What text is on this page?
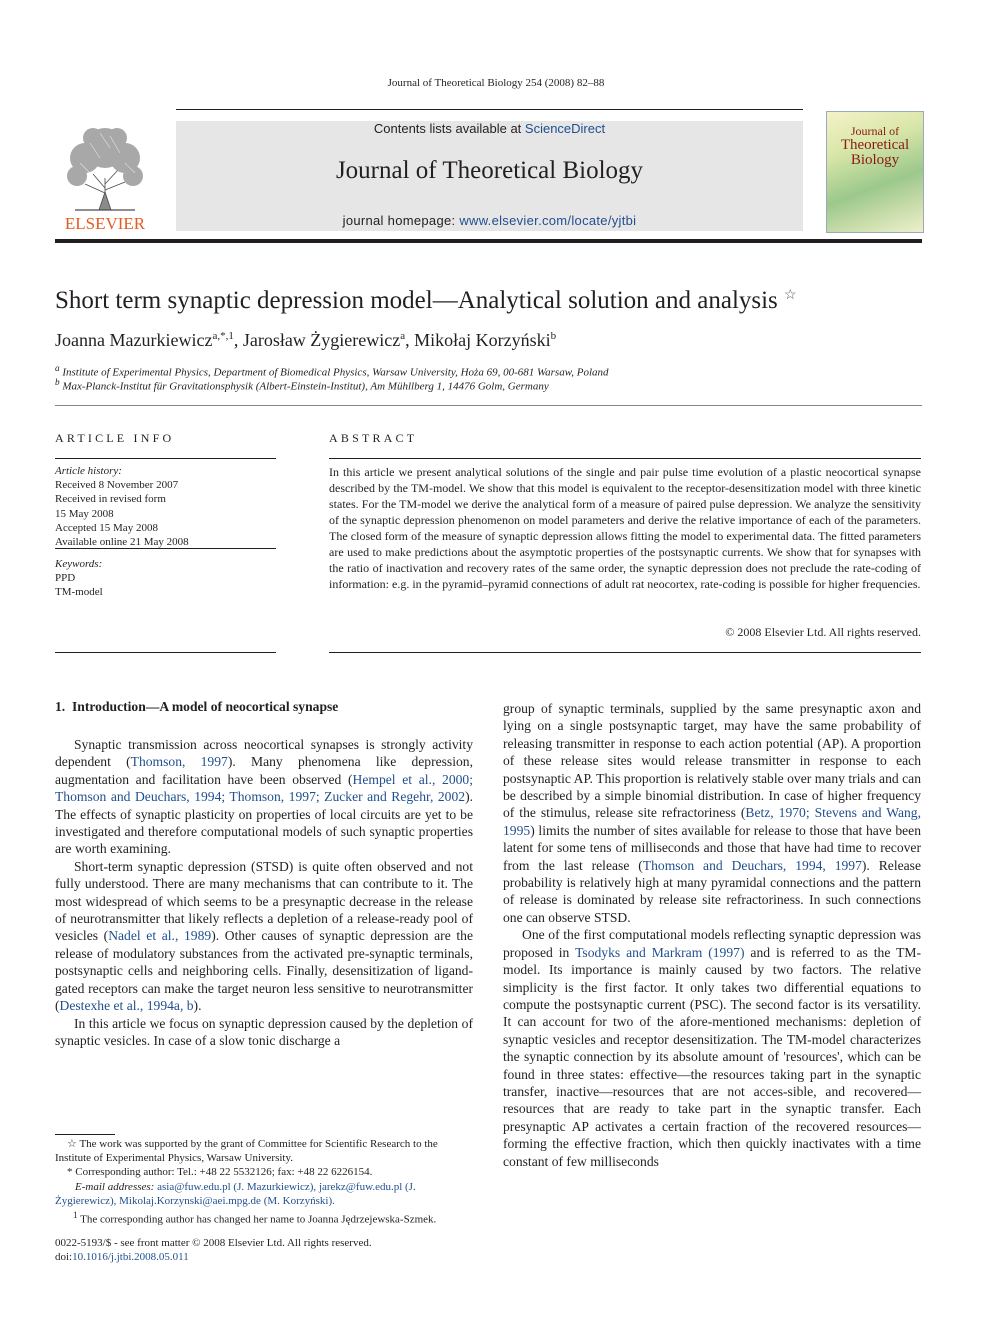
Journal of Theoretical Biology 254 (2008) 82–88
ELSEVIER
Contents lists available at ScienceDirect
Journal of Theoretical Biology
journal homepage: www.elsevier.com/locate/yjtbi
Journal of
Theoretical
Biology
Short term synaptic depression model—Analytical solution and analysis ☆
Joanna Mazurkiewicz$^{a,*,1}$, Jarosław Żygierewicz$^a$, Mikołaj Korzyński$^b$
$^a$ Institute of Experimental Physics, Department of Biomedical Physics, Warsaw University, Hoża 69, 00-681 Warsaw, Poland
$^b$ Max-Planck-Institut für Gravitationsphysik (Albert-Einstein-Institut), Am Mühllberg 1, 14476 Golm, Germany
ARTICLE INFO
Article history:
Received 8 November 2007
Received in revised form
15 May 2008
Accepted 15 May 2008
Available online 21 May 2008
Keywords:
PPD
TM-model
ABSTRACT
In this article we present analytical solutions of the single and pair pulse time evolution of a plastic neocortical synapse described by the TM-model. We show that this model is equivalent to the receptor-desensitization model with three kinetic states. For the TM-model we derive the analytical form of a measure of paired pulse depression. We analyze the sensitivity of the synaptic depression phenomenon on model parameters and derive the relative importance of each of the parameters. The closed form of the measure of synaptic depression allows fitting the model to experimental data. The fitted parameters are used to make predictions about the asymptotic properties of the postsynaptic currents. We show that for synapses with the ratio of inactivation and recovery rates of the same order, the synaptic depression does not preclude the rate-coding of information: e.g. in the pyramid–pyramid connections of adult rat neocortex, rate-coding is possible for higher frequencies.
© 2008 Elsevier Ltd. All rights reserved.
1. Introduction—A model of neocortical synapse

Synaptic transmission across neocortical synapses is strongly activity dependent (Thomson, 1997). Many phenomena like depression, augmentation and facilitation have been observed (Hempel et al., 2000; Thomson and Deuchars, 1994; Thomson, 1997; Zucker and Regehr, 2002). The effects of synaptic plasticity on properties of local circuits are yet to be investigated and therefore computational models of such synaptic properties are worth examining.

Short-term synaptic depression (STSD) is quite often observed and not fully understood. There are many mechanisms that can contribute to it. The most widespread of which seems to be a presynaptic decrease in the release of neurotransmitter that likely reflects a depletion of a release-ready pool of vesicles (Nadel et al., 1989). Other causes of synaptic depression are the release of modulatory substances from the activated pre-synaptic terminals, postsynaptic cells and neighboring cells. Finally, desensitization of ligand-gated receptors can make the target neuron less sensitive to neurotransmitter (Destexhe et al., 1994a, b).

In this article we focus on synaptic depression caused by the depletion of synaptic vesicles. In case of a slow tonic discharge a

group of synaptic terminals, supplied by the same presynaptic axon and lying on a single postsynaptic target, may have the same probability of releasing transmitter in response to each action potential (AP). A proportion of these release sites would release transmitter in response to each postsynaptic AP. This proportion is relatively stable over many trials and can be described by a simple binomial distribution. In case of higher frequency of the stimulus, release site refractoriness (Betz, 1970; Stevens and Wang, 1995) limits the number of sites available for release to those that have been latent for some tens of milliseconds and those that have had time to recover from the last release (Thomson and Deuchars, 1994, 1997). Release probability is relatively high at many pyramidal connections and the pattern of release is dominated by release site refractoriness. In such connections one can observe STSD.

One of the first computational models reflecting synaptic depression was proposed in Tsodyks and Markram (1997) and is referred to as the TM-model. Its importance is mainly caused by two factors. The relative simplicity is the first factor. It only takes two differential equations to compute the postsynaptic current (PSC). The second factor is its versatility. It can account for two of the afore-mentioned mechanisms: depletion of synaptic vesicles and receptor desensitization. The TM-model characterizes the synaptic connection by its absolute amount of 'resources', which can be found in three states: effective—the resources taking part in the synaptic transfer, inactive—resources that are not acces-sible, and recovered—resources that are ready to take part in the synaptic transfer. Each presynaptic AP activates a certain fraction of the recovered resources—forming the effective fraction, which then quickly inactivates with a time constant of few milliseconds

☆ The work was supported by the grant of Committee for Scientific Research to the Institute of Experimental Physics, Warsaw University.
* Corresponding author: Tel.: +48 22 5532126; fax: +48 22 6226154.
E-mail addresses: asia@fuw.edu.pl (J. Mazurkiewicz), jarekz@fuw.edu.pl (J. Żygierewicz), Mikolaj.Korzynski@aei.mpg.de (M. Korzyński).
$^1$ The corresponding author has changed her name to Joanna Jędrzejewska-Szmek.
0022-5193/$ - see front matter © 2008 Elsevier Ltd. All rights reserved.
doi:10.1016/j.jtbi.2008.05.011
